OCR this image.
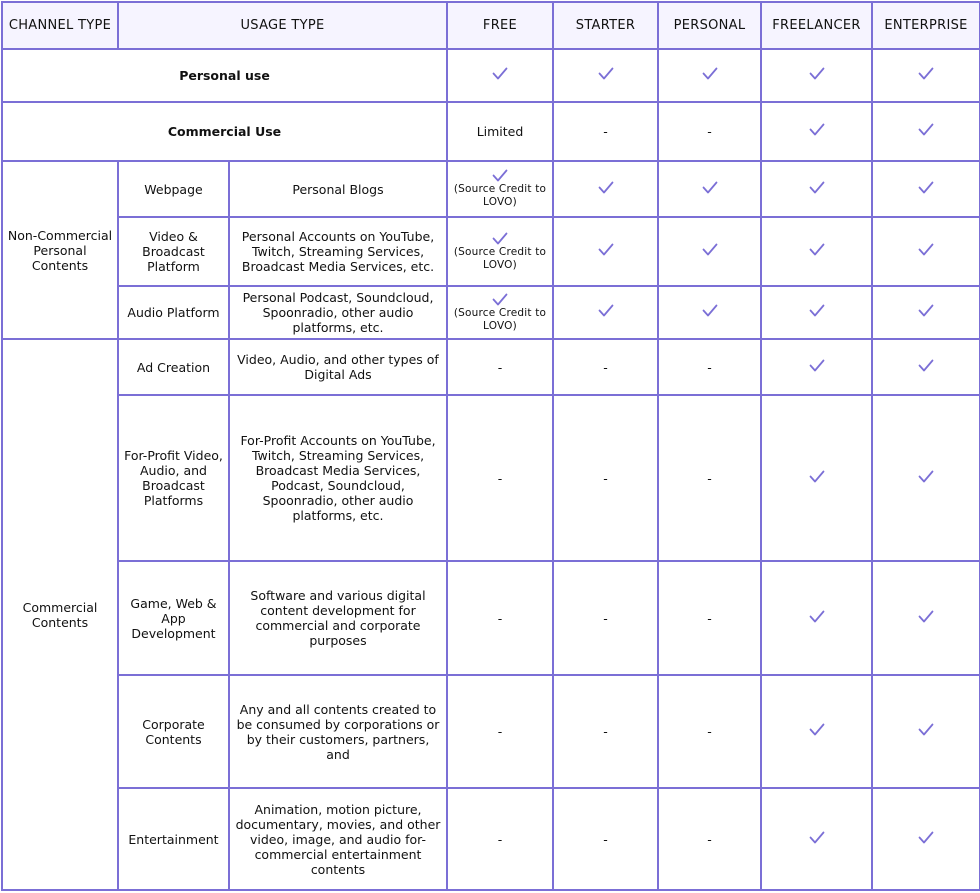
CHANNEL TYPE	USAGE TYPE		FREE	STARTER	PERSONAL	FREELANCER	ENTERPRISE
Personal use	

Commercial Use			Limited	-	-	

Non-Commercial Personal Contents	Webpage	Personal Blogs	(Source Credit to LOVO)

	Video & Broadcast Platform	Personal Accounts on YouTube, Twitch, Streaming Services, Broadcast Media Services, etc.	(Source Credit to LOVO)

	Audio Platform	Personal Podcast, Soundcloud, Spoonradio, other audio platforms, etc.	(Source Credit to LOVO)

Commercial Contents	Ad Creation	Video, Audio, and other types of Digital Ads	-	-	-	

	For-Profit Video, Audio, and Broadcast Platforms	For-Profit Accounts on YouTube, Twitch, Streaming Services, Broadcast Media Services, Podcast, Soundcloud, Spoonradio, other audio platforms, etc.	-	-	-	

	Game, Web & App Development	Software and various digital content development for commercial and corporate purposes	-	-	-	

	Corporate Contents	Any and all contents created to be consumed by corporations or by their customers, partners, and	-	-	-	

	Entertainment	Animation, motion picture, documentary, movies, and other video, image, and audio for-commercial entertainment contents	-	-	-	
